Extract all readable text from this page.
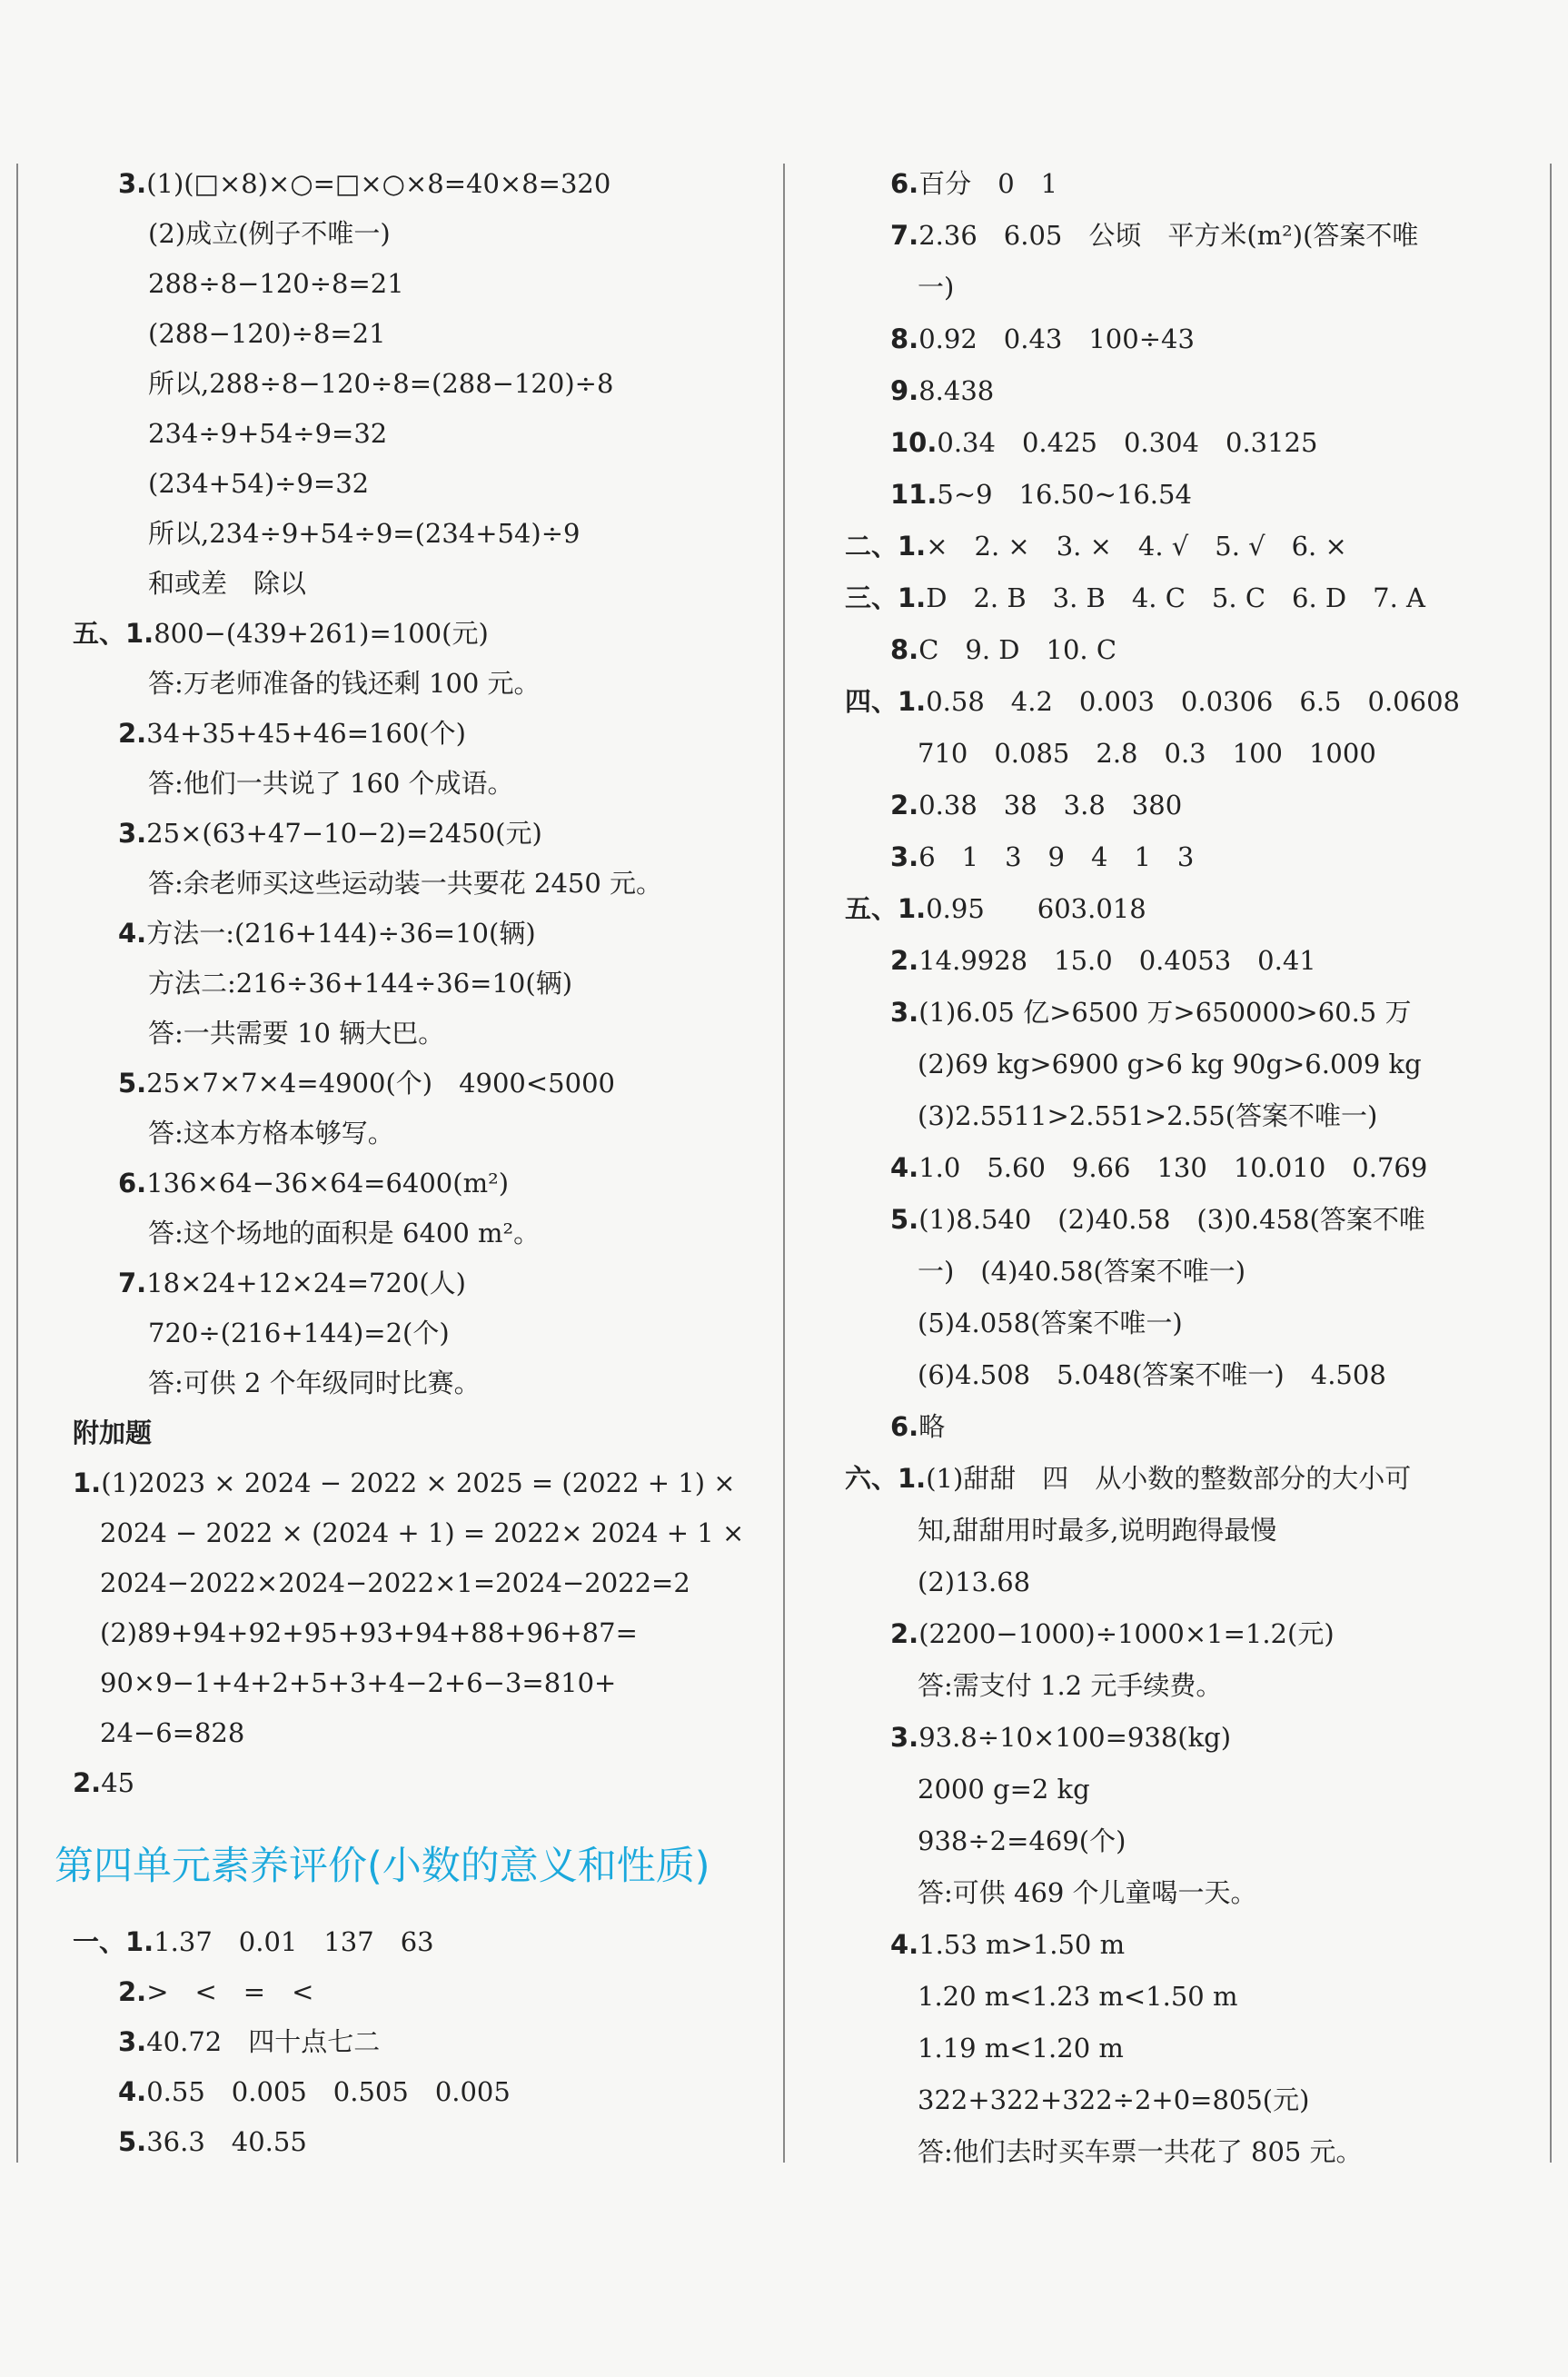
3.(1)(□×8)×○=□×○×8=40×8=320
(2)成立(例子不唯一)
288÷8−120÷8=21
(288−120)÷8=21
所以,288÷8−120÷8=(288−120)÷8
234÷9+54÷9=32
(234+54)÷9=32
所以,234÷9+54÷9=(234+54)÷9
和或差　除以
五、1.800−(439+261)=100(元)
答:万老师准备的钱还剩 100 元。
2.34+35+45+46=160(个)
答:他们一共说了 160 个成语。
3.25×(63+47−10−2)=2450(元)
答:余老师买这些运动装一共要花 2450 元。
4.方法一:(216+144)÷36=10(辆)
方法二:216÷36+144÷36=10(辆)
答:一共需要 10 辆大巴。
5.25×7×7×4=4900(个)　4900<5000
答:这本方格本够写。
6.136×64−36×64=6400(m²)
答:这个场地的面积是 6400 m²。
7.18×24+12×24=720(人)
720÷(216+144)=2(个)
答:可供 2 个年级同时比赛。
附加题
1.(1)2023 × 2024 − 2022 × 2025 = (2022 + 1) ×
2024 − 2022 × (2024 + 1) = 2022× 2024 + 1 ×
2024−2022×2024−2022×1=2024−2022=2
(2)89+94+92+95+93+94+88+96+87=
90×9−1+4+2+5+3+4−2+6−3=810+
24−6=828
2.45
一、1.1.37　0.01　137　63
2.>　<　=　<
3.40.72　四十点七二
4.0.55　0.005　0.505　0.005
5.36.3　40.55
第四单元素养评价(小数的意义和性质)
6.百分　0　1
7.2.36　6.05　公顷　平方米(m²)(答案不唯
一)
8.0.92　0.43　100÷43
9.8.438
10.0.34　0.425　0.304　0.3125
11.5∼9　16.50∼16.54
二、1.×　2. ×　3. ×　4. √　5. √　6. ×
三、1.D　2. B　3. B　4. C　5. C　6. D　7. A
8.C　9. D　10. C
四、1.0.58　4.2　0.003　0.0306　6.5　0.0608
710　0.085　2.8　0.3　100　1000
2.0.38　38　3.8　380
3.6　1　3　9　4　1　3
五、1.0.95　　603.018
2.14.9928　15.0　0.4053　0.41
3.(1)6.05 亿>6500 万>650000>60.5 万
(2)69 kg>6900 g>6 kg 90g>6.009 kg
(3)2.5511>2.551>2.55(答案不唯一)
4.1.0　5.60　9.66　130　10.010　0.769
5.(1)8.540　(2)40.58　(3)0.458(答案不唯
一)　(4)40.58(答案不唯一)
(5)4.058(答案不唯一)
(6)4.508　5.048(答案不唯一)　4.508
6.略
六、1.(1)甜甜　四　从小数的整数部分的大小可
知,甜甜用时最多,说明跑得最慢
(2)13.68
2.(2200−1000)÷1000×1=1.2(元)
答:需支付 1.2 元手续费。
3.93.8÷10×100=938(kg)
2000 g=2 kg
938÷2=469(个)
答:可供 469 个儿童喝一天。
4.1.53 m>1.50 m
1.20 m<1.23 m<1.50 m
1.19 m<1.20 m
322+322+322÷2+0=805(元)
答:他们去时买车票一共花了 805 元。
